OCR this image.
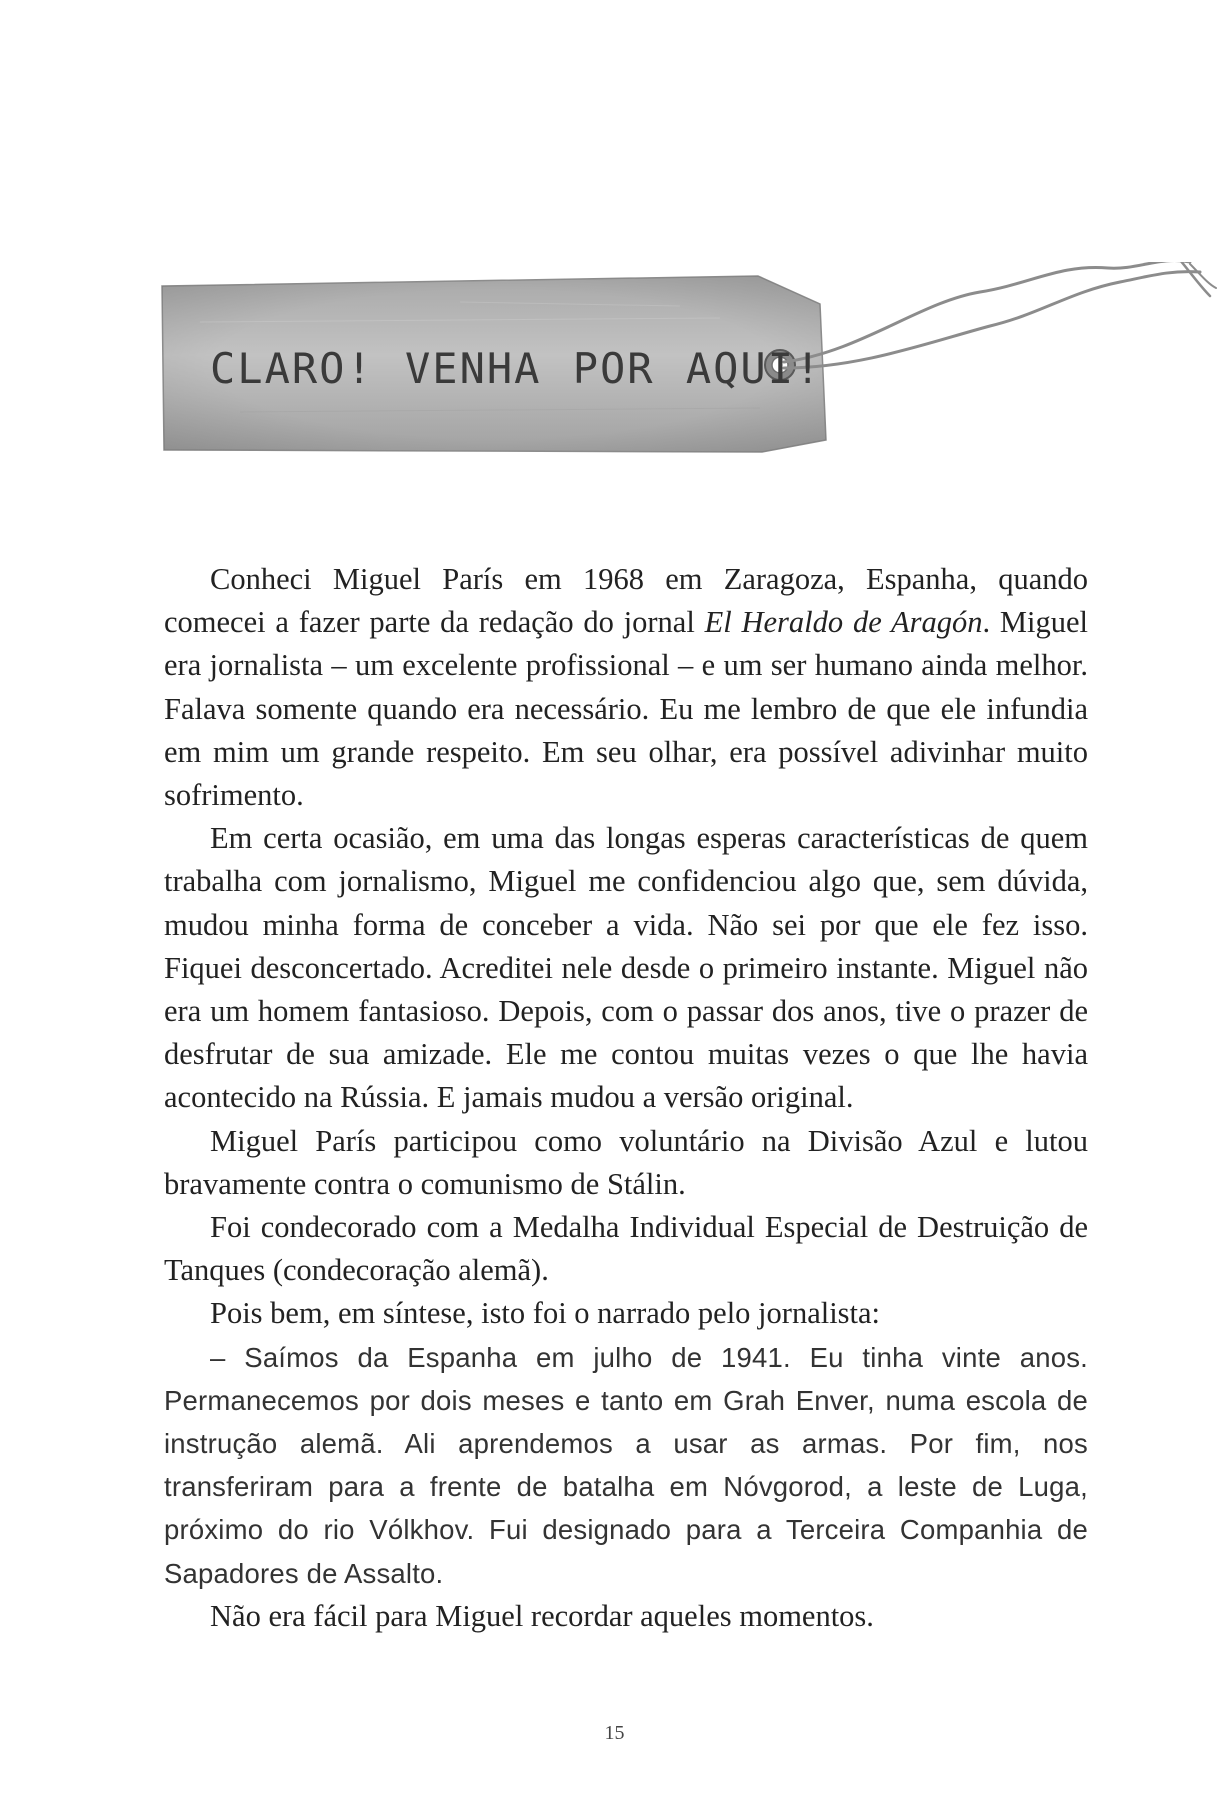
CLARO! VENHA POR AQUI!

Conheci Miguel París em 1968 em Zaragoza, Espanha, quando comecei a fazer parte da redação do jornal El Heraldo de Aragón. Miguel era jornalista – um excelente profissional – e um ser humano ainda melhor. Falava somente quando era necessário. Eu me lembro de que ele infundia em mim um grande respeito. Em seu olhar, era possível adivinhar muito sofrimento.

Em certa ocasião, em uma das longas esperas características de quem trabalha com jornalismo, Miguel me confidenciou algo que, sem dúvida, mudou minha forma de conceber a vida. Não sei por que ele fez isso. Fiquei desconcertado. Acreditei nele desde o primeiro instante. Miguel não era um homem fantasioso. Depois, com o passar dos anos, tive o prazer de desfrutar de sua amizade. Ele me contou muitas vezes o que lhe havia acontecido na Rússia. E jamais mudou a versão original.

Miguel París participou como voluntário na Divisão Azul e lutou bravamente contra o comunismo de Stálin.

Foi condecorado com a Medalha Individual Especial de Destruição de Tanques (condecoração alemã).

Pois bem, em síntese, isto foi o narrado pelo jornalista:

– Saímos da Espanha em julho de 1941. Eu tinha vinte anos. Permanecemos por dois meses e tanto em Grah Enver, numa escola de instrução alemã. Ali aprendemos a usar as armas. Por fim, nos transferiram para a frente de batalha em Nóvgorod, a leste de Luga, próximo do rio Vólkhov. Fui designado para a Terceira Companhia de Sapadores de Assalto.

Não era fácil para Miguel recordar aqueles momentos.

15
